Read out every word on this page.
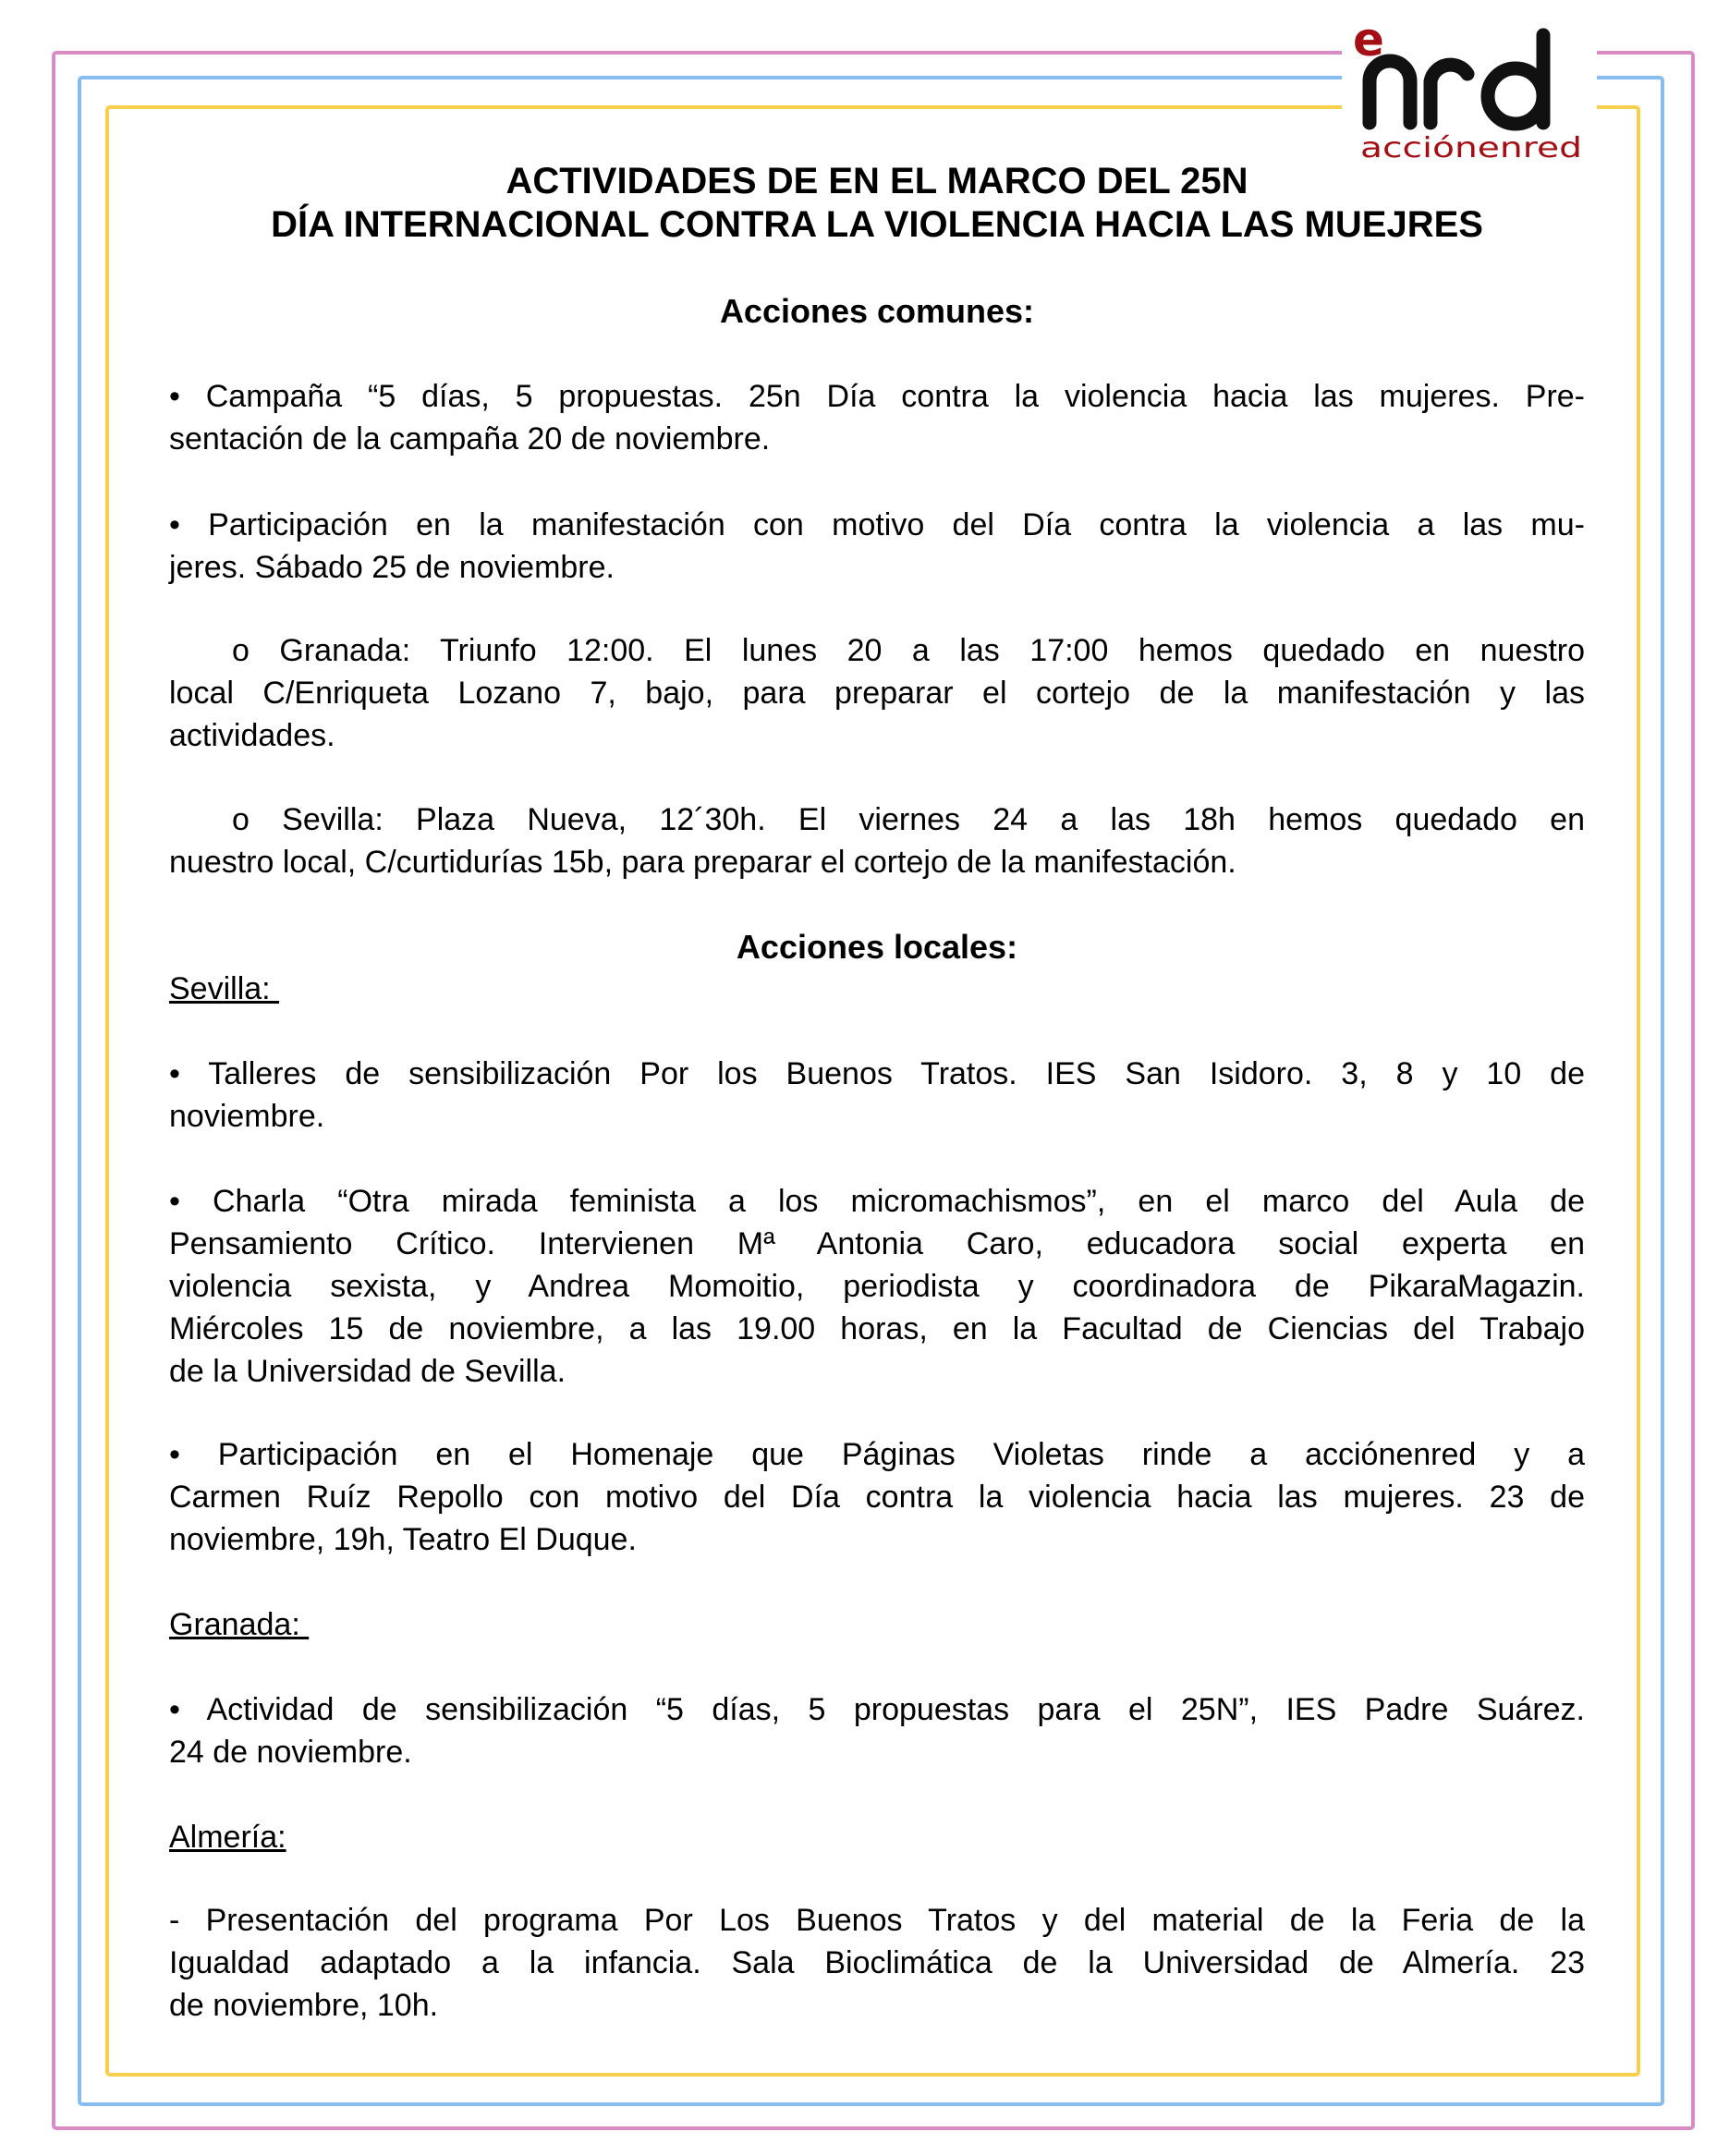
e
acciónenred
ACTIVIDADES DE EN EL MARCO DEL 25N
DÍA INTERNACIONAL CONTRA LA VIOLENCIA HACIA LAS MUEJRES
Acciones comunes:
• Campaña “5 días, 5 propuestas. 25n Día contra la violencia hacia las mujeres. Pre-
sentación de la campaña 20 de noviembre.
• Participación en la manifestación con motivo del Día contra la violencia a las mu-
jeres. Sábado 25 de noviembre.
o Granada: Triunfo 12:00. El lunes 20 a las 17:00 hemos quedado en nuestro
local C/Enriqueta Lozano 7, bajo, para preparar el cortejo de la manifestación y las
actividades.
o Sevilla: Plaza Nueva, 12´30h. El viernes 24 a las 18h hemos quedado en
nuestro local, C/curtidurías 15b, para preparar el cortejo de la manifestación.
Acciones locales:
Sevilla:
• Talleres de sensibilización Por los Buenos Tratos. IES San Isidoro. 3, 8 y 10 de
noviembre.
• Charla “Otra mirada feminista a los micromachismos”, en el marco del Aula de
Pensamiento Crítico. Intervienen Mª Antonia Caro, educadora social experta en
violencia sexista, y Andrea Momoitio, periodista y coordinadora de PikaraMagazin.
Miércoles 15 de noviembre, a las 19.00 horas, en la Facultad de Ciencias del Trabajo
de la Universidad de Sevilla.
• Participación en el Homenaje que Páginas Violetas rinde a acciónenred y a
Carmen Ruíz Repollo con motivo del Día contra la violencia hacia las mujeres. 23 de
noviembre, 19h, Teatro El Duque.
Granada:
• Actividad de sensibilización “5 días, 5 propuestas para el 25N”, IES Padre Suárez.
24 de noviembre.
Almería:
- Presentación del programa Por Los Buenos Tratos y del material de la Feria de la
Igualdad adaptado a la infancia. Sala Bioclimática de la Universidad de Almería. 23
de noviembre, 10h.
